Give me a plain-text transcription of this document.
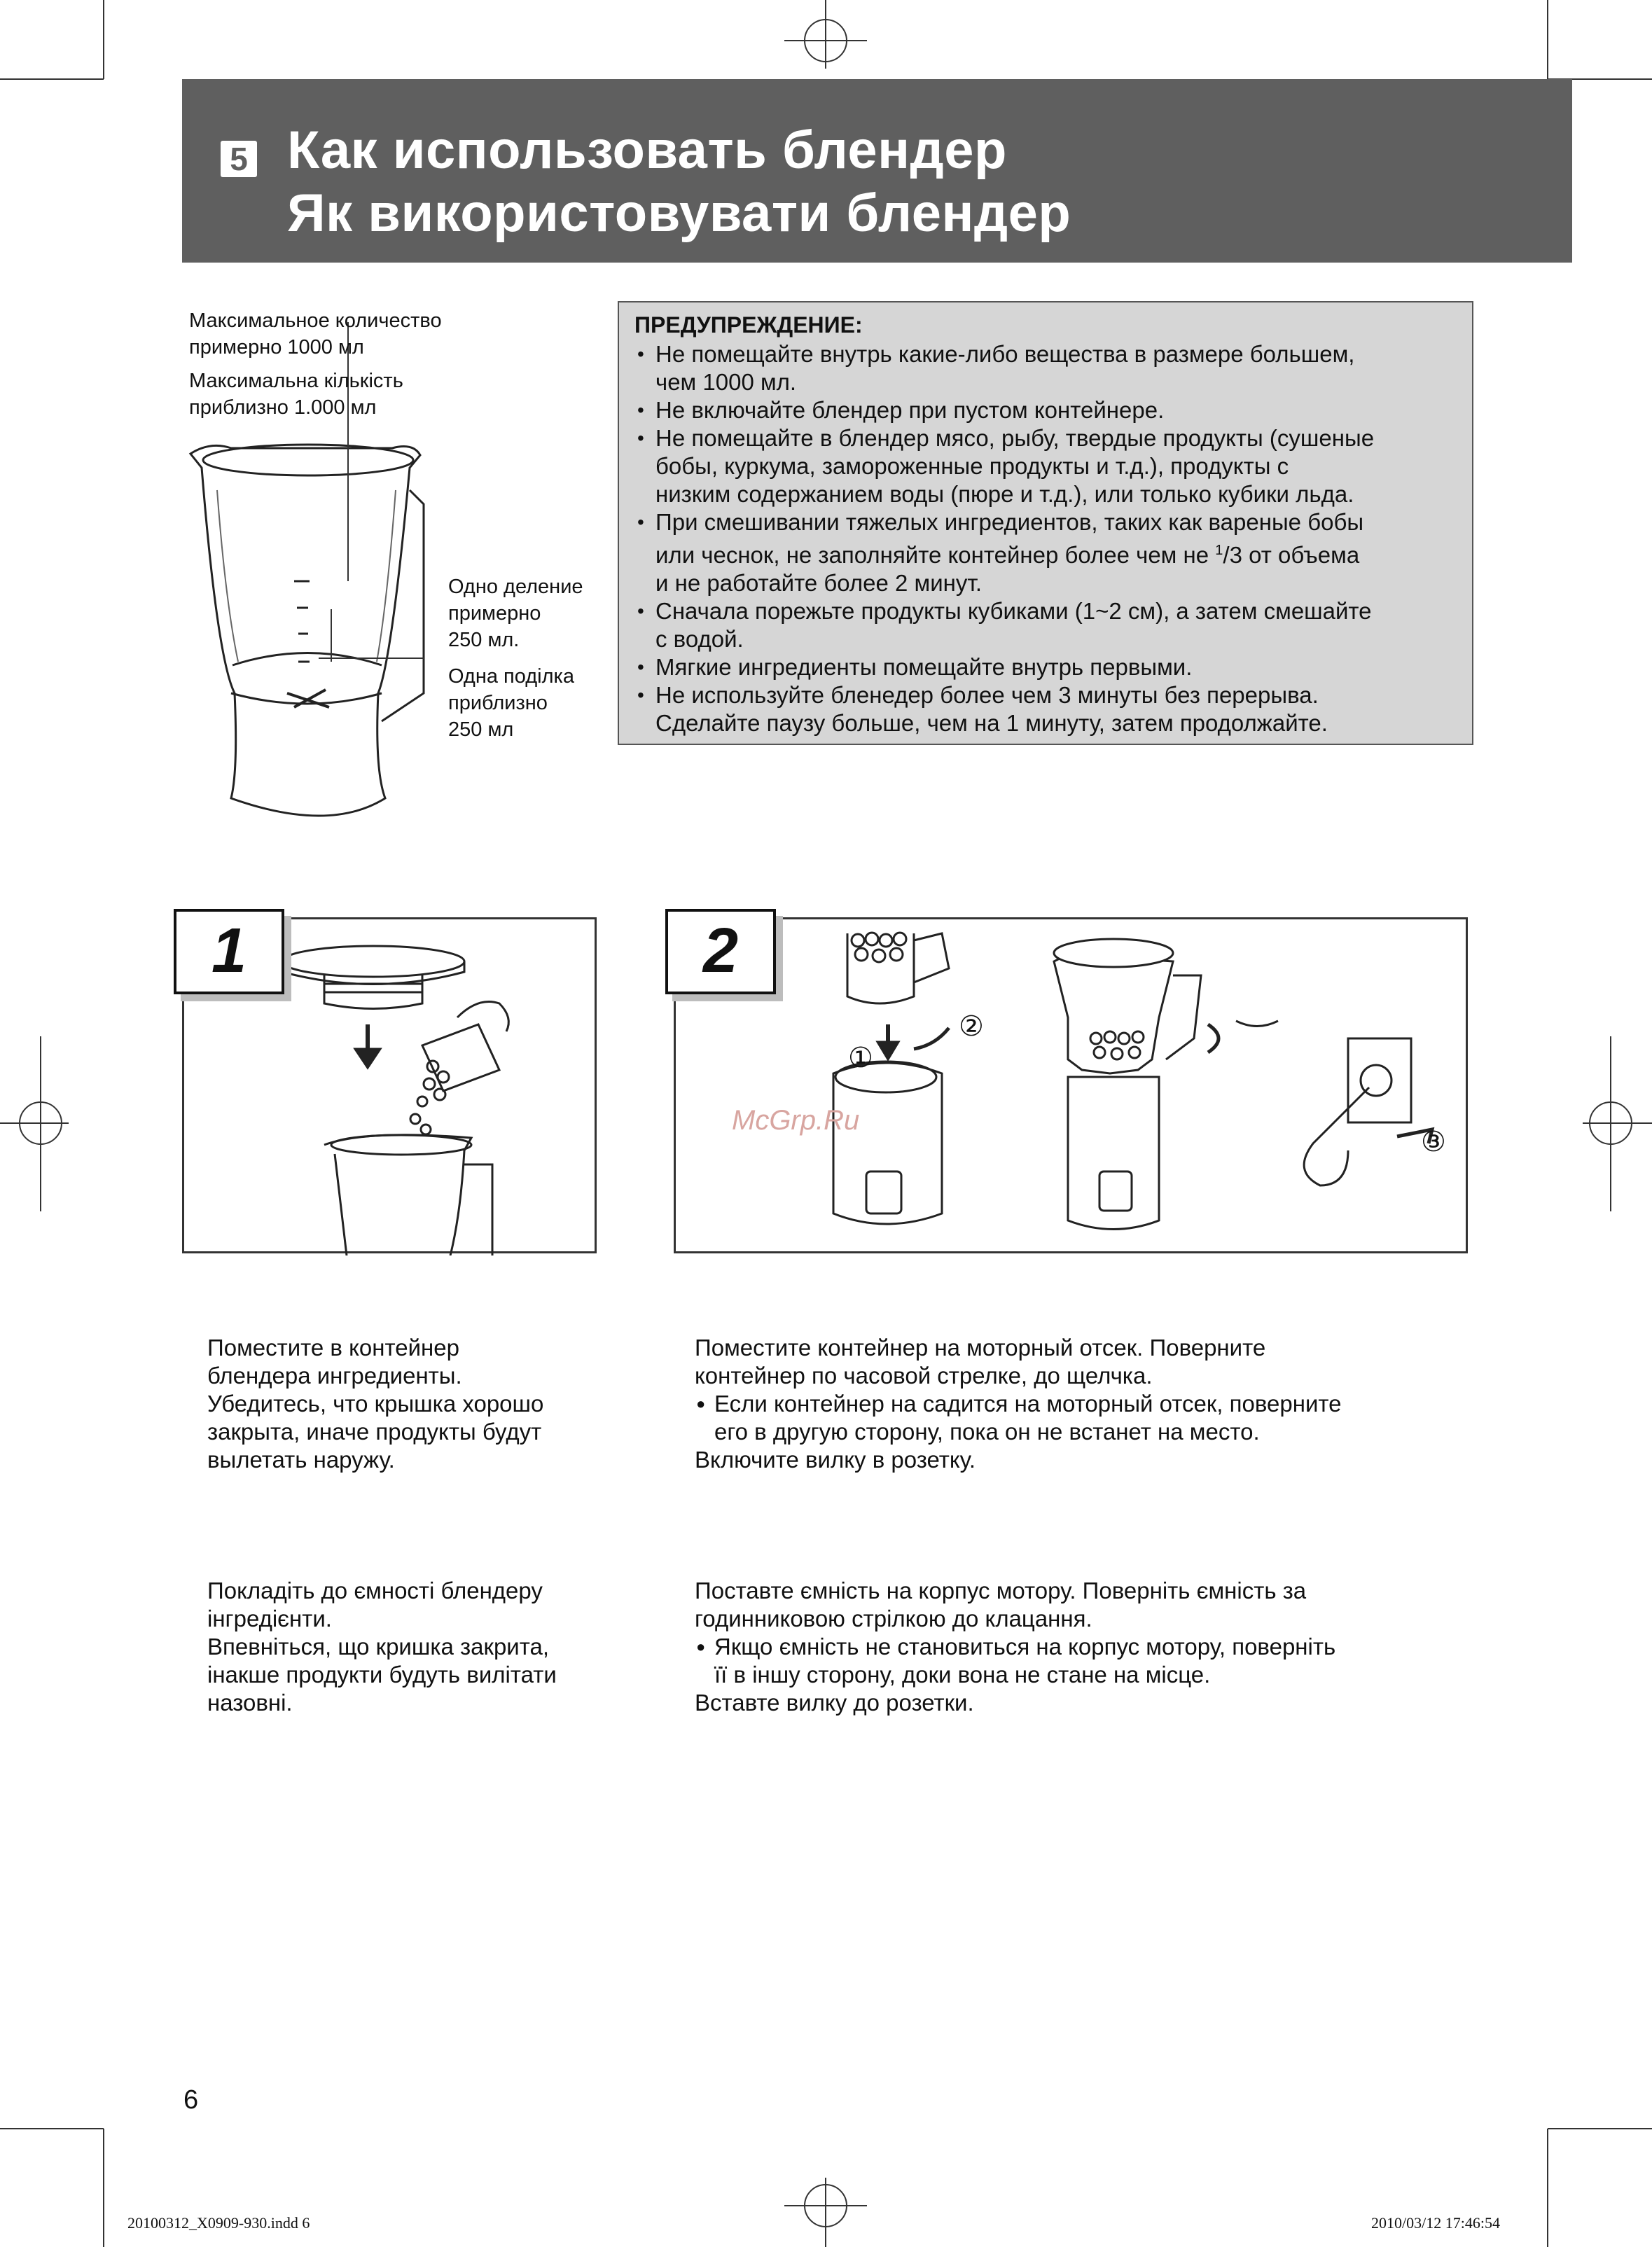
5 Как использовать блендер
Як використовувати блендер
Максимальное количество
примерно 1000 мл
Максимальна кількість
приблизно 1.000 мл
Одно деление
примерно
250 мл.
Одна поділка
приблизно
250 мл
ПРЕДУПРЕЖДЕНИЕ:
• Не помещайте внутрь какие-либо вещества в размере большем,
чем 1000 мл.
• Не включайте блендер при пустом контейнере.
• Не помещайте в блендер мясо, рыбу, твердые продукты (сушеные
бобы, куркума, замороженные продукты и т.д.), продукты с
низким содержанием воды (пюре и т.д.), или только кубики льда.
• При смешивании тяжелых ингредиентов, таких как вареные бобы
или чеснок, не заполняйте контейнер более чем не $^1$/3 от объема
и не работайте более 2 минут.
• Сначала порежьте продукты кубиками (1~2 см), а затем смешайте
с водой.
• Мягкие ингредиенты помещайте внутрь первыми.
• Не используйте бленедер более чем 3 минуты без перерыва.
Сделайте паузу больше, чем на 1 минуту, затем продолжайте.
1
①
②
③
McGrp.Ru
2
Поместите в контейнер
блендера ингредиенты.
Убедитесь, что крышка хорошо
закрыта, иначе продукты будут
вылетать наружу.
Поместите контейнер на моторный отсек. Поверните
контейнер по часовой стрелке, до щелчка.
● Если контейнер на садится на моторный отсек, поверните
его в другую сторону, пока он не встанет на место.
Включите вилку в розетку.
Покладіть до ємності блендеру
інгредієнти.
Впевніться, що кришка закрита,
інакше продукти будуть вилітати
назовні.
Поставте ємність на корпус мотору. Поверніть ємність за
годинниковою стрілкою до клацання.
● Якщо ємність не становиться на корпус мотору, поверніть
її в іншу сторону, доки вона не стане на місце.
Вставте вилку до розетки.
6
20100312_X0909-930.indd 6	2010/03/12 17:46:54
